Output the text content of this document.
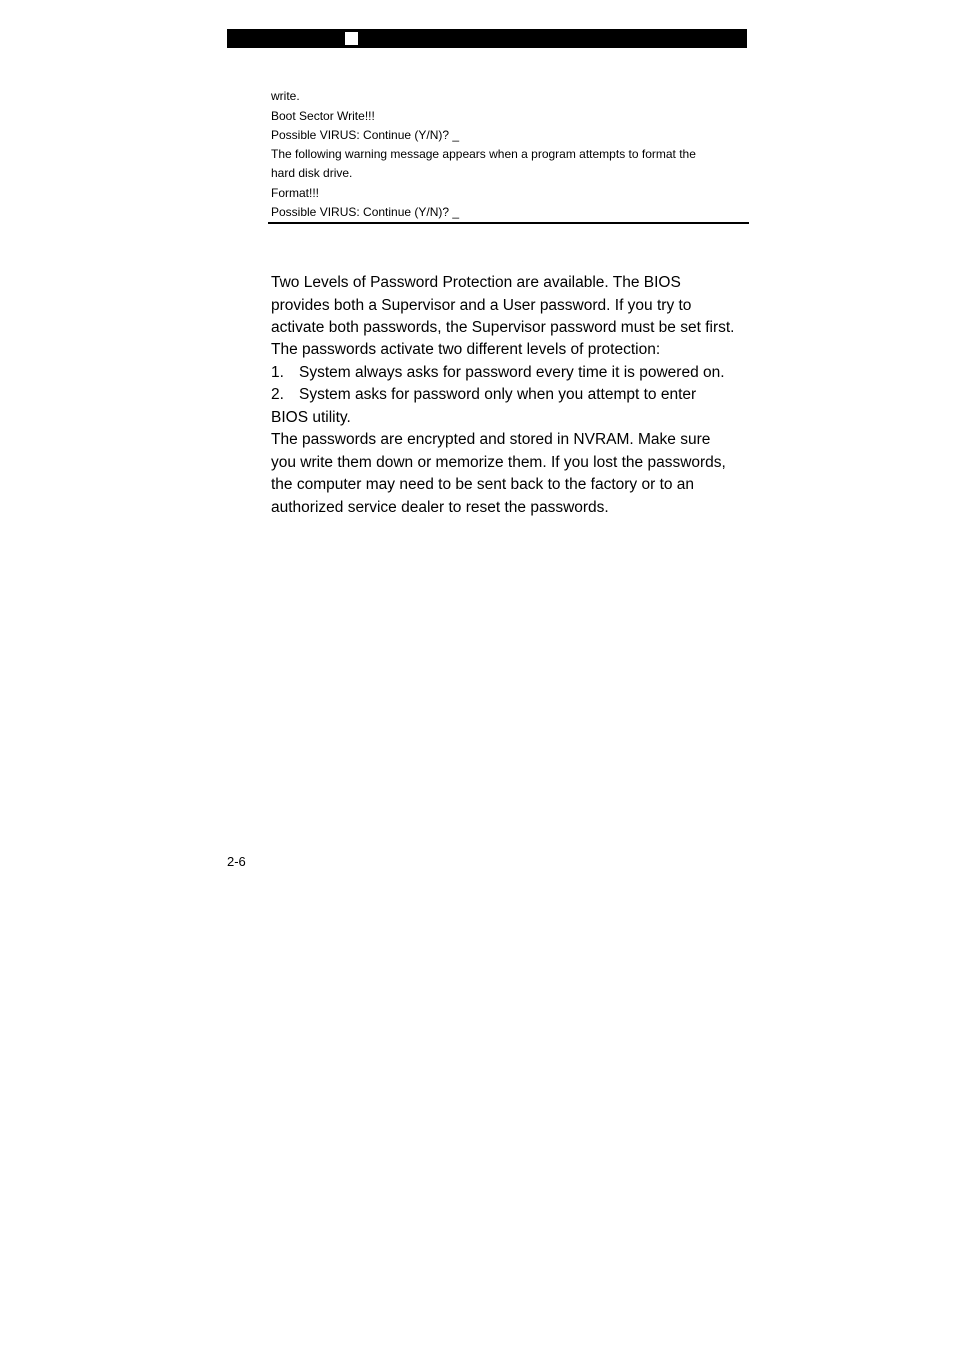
write.
Boot Sector Write!!!
Possible VIRUS: Continue (Y/N)? _
The following warning message appears when a program attempts to format the
hard disk drive.
Format!!!
Possible VIRUS: Continue (Y/N)? _
Two Levels of Password Protection are available. The BIOS
provides both a Supervisor and a User password. If you try to
activate both passwords, the Supervisor password must be set first.
The passwords activate two different levels of protection:
1. System always asks for password every time it is powered on.
2. System asks for password only when you attempt to enter
BIOS utility.
The passwords are encrypted and stored in NVRAM. Make sure
you write them down or memorize them. If you lost the passwords,
the computer may need to be sent back to the factory or to an
authorized service dealer to reset the passwords.
2-6
